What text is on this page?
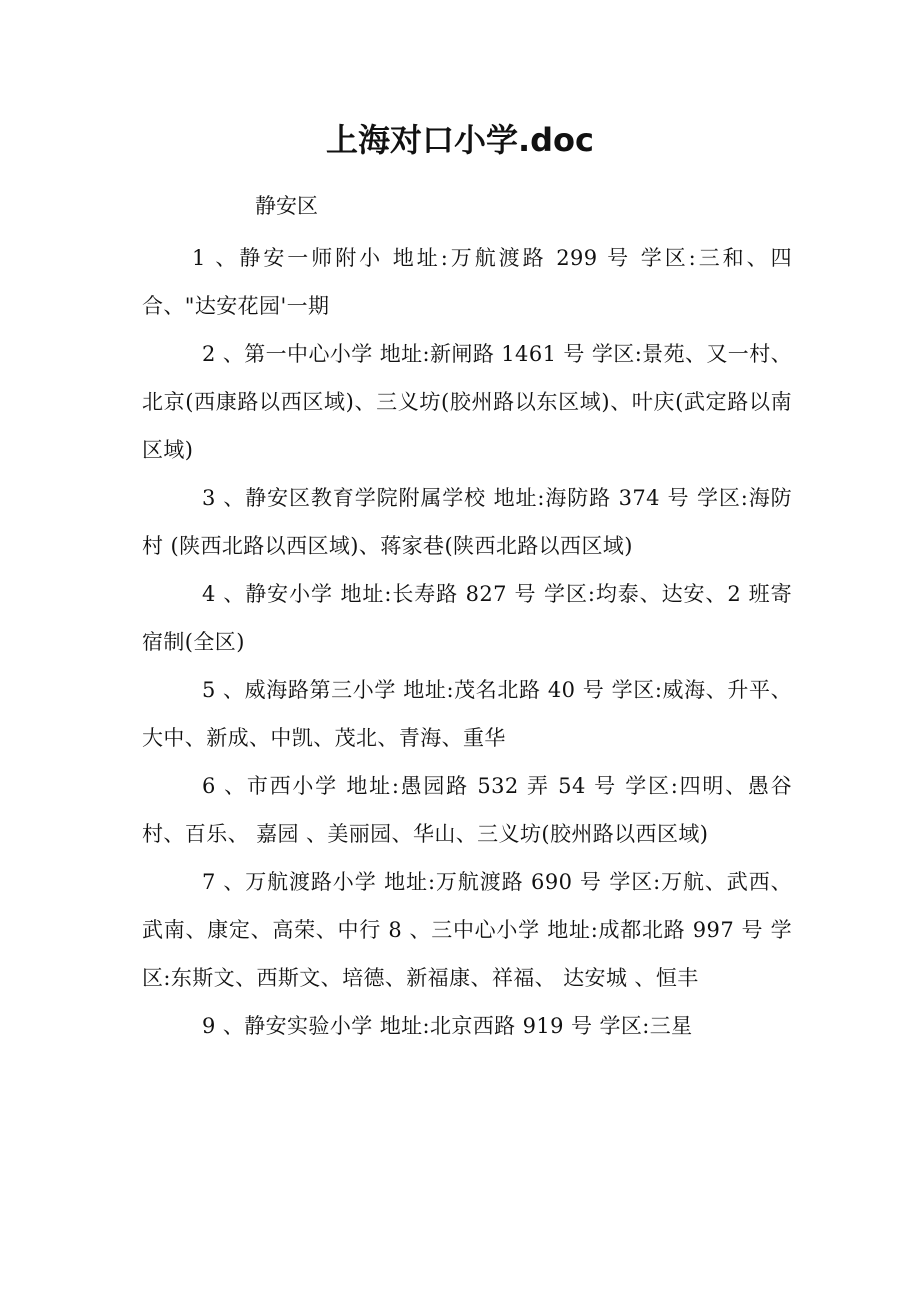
上海对口小学.doc

静安区

1 、静安一师附小 地址:万航渡路 299 号 学区:三和、四合、"达安花园'一期

2 、第一中心小学 地址:新闸路 1461 号 学区:景苑、又一村、北京(西康路以西区域)、三义坊(胶州路以东区域)、叶庆(武定路以南区域)

3 、静安区教育学院附属学校 地址:海防路 374 号 学区:海防村 (陕西北路以西区域)、蒋家巷(陕西北路以西区域)

4 、静安小学 地址:长寿路 827 号 学区:均泰、达安、2 班寄宿制(全区)

5 、威海路第三小学 地址:茂名北路 40 号 学区:威海、升平、大中、新成、中凯、茂北、青海、重华

6 、市西小学 地址:愚园路 532 弄 54 号 学区:四明、愚谷村、百乐、 嘉园 、美丽园、华山、三义坊(胶州路以西区域)

7 、万航渡路小学 地址:万航渡路 690 号 学区:万航、武西、武南、康定、高荣、中行 8 、三中心小学 地址:成都北路 997 号 学区:东斯文、西斯文、培德、新福康、祥福、 达安城 、恒丰

9 、静安实验小学 地址:北京西路 919 号 学区:三星
